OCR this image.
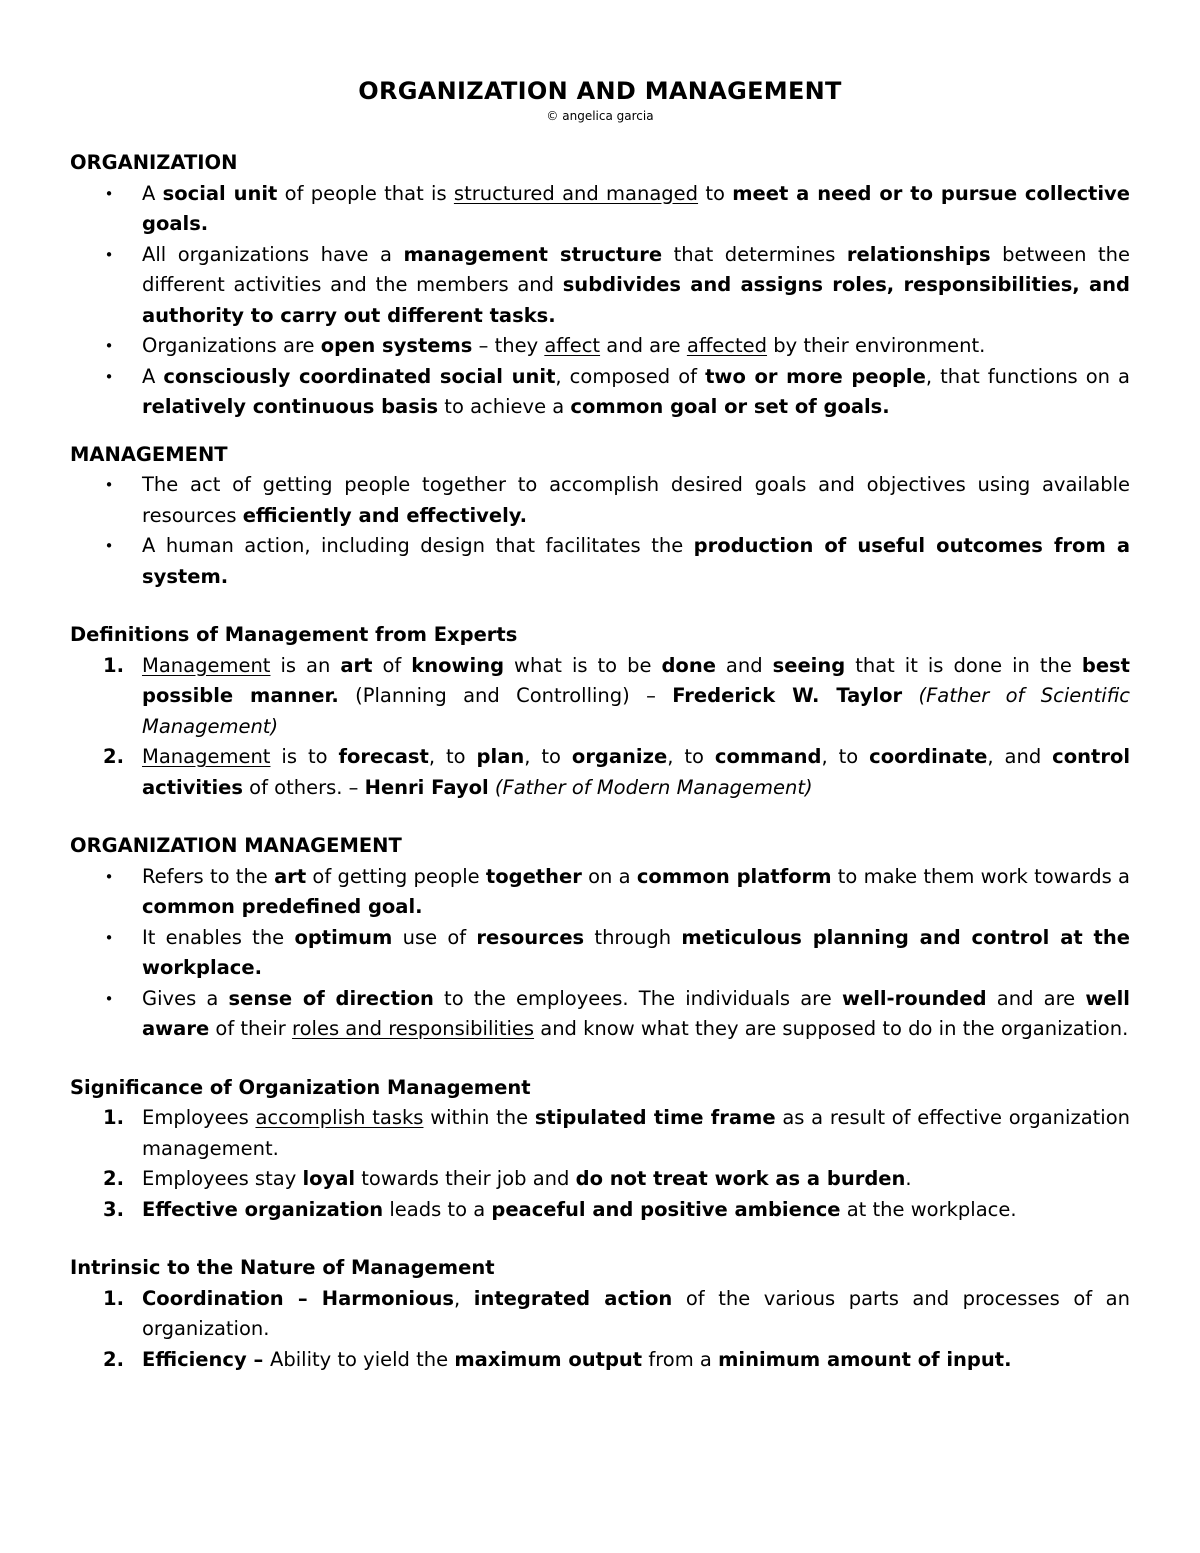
ORGANIZATION AND MANAGEMENT

© angelica garcia

ORGANIZATION
• A social unit of people that is structured and managed to meet a need or to pursue collective goals.
• All organizations have a management structure that determines relationships between the different activities and the members and subdivides and assigns roles, responsibilities, and authority to carry out different tasks.
• Organizations are open systems – they affect and are affected by their environment.
• A consciously coordinated social unit, composed of two or more people, that functions on a relatively continuous basis to achieve a common goal or set of goals.
MANAGEMENT
• The act of getting people together to accomplish desired goals and objectives using available resources efficiently and effectively.
• A human action, including design that facilitates the production of useful outcomes from a system.
Definitions of Management from Experts
1. Management is an art of knowing what is to be done and seeing that it is done in the best possible manner. (Planning and Controlling) – Frederick W. Taylor (Father of Scientific Management)
2. Management is to forecast, to plan, to organize, to command, to coordinate, and control activities of others. – Henri Fayol (Father of Modern Management)
ORGANIZATION MANAGEMENT
• Refers to the art of getting people together on a common platform to make them work towards a common predefined goal.
• It enables the optimum use of resources through meticulous planning and control at the workplace.
• Gives a sense of direction to the employees. The individuals are well-rounded and are well aware of their roles and responsibilities and know what they are supposed to do in the organization.
Significance of Organization Management
1. Employees accomplish tasks within the stipulated time frame as a result of effective organization management.
2. Employees stay loyal towards their job and do not treat work as a burden.
3. Effective organization leads to a peaceful and positive ambience at the workplace.
Intrinsic to the Nature of Management
1. Coordination – Harmonious, integrated action of the various parts and processes of an organization.
2. Efficiency – Ability to yield the maximum output from a minimum amount of input.
